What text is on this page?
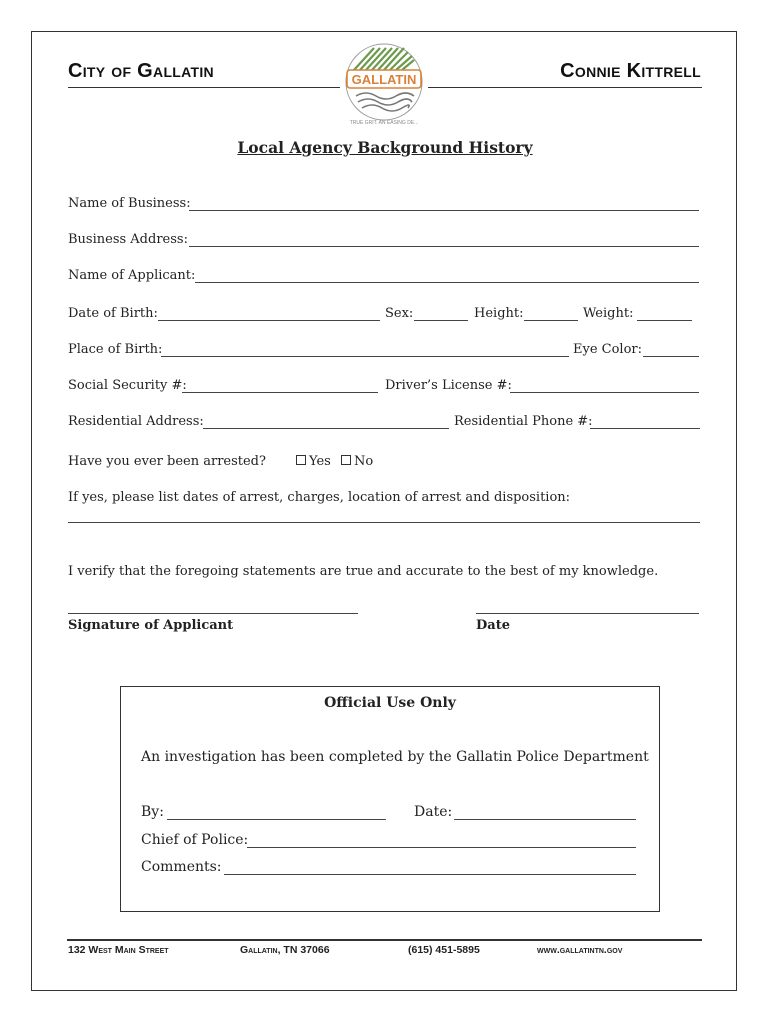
City of Gallatin	Connie Kittrell
GALLATIN
TRUE GRIT. AN EASING DE...
Local Agency Background History
Name of Business:
Business Address:
Name of Applicant:
Date of Birth:	Sex:	Height:	Weight:
Place of Birth:	Eye Color:
Social Security #:	Driver’s License #:
Residential Address:	Residential Phone #:
Have you ever been arrested?	Yes	No
If yes, please list dates of arrest, charges, location of arrest and disposition:
I verify that the foregoing statements are true and accurate to the best of my knowledge.
Signature of Applicant	Date
Official Use Only
An investigation has been completed by the Gallatin Police Department
By:	Date:
Chief of Police:
Comments:
132 West Main Street	Gallatin, TN 37066	(615) 451-5895	www.gallatintn.gov
